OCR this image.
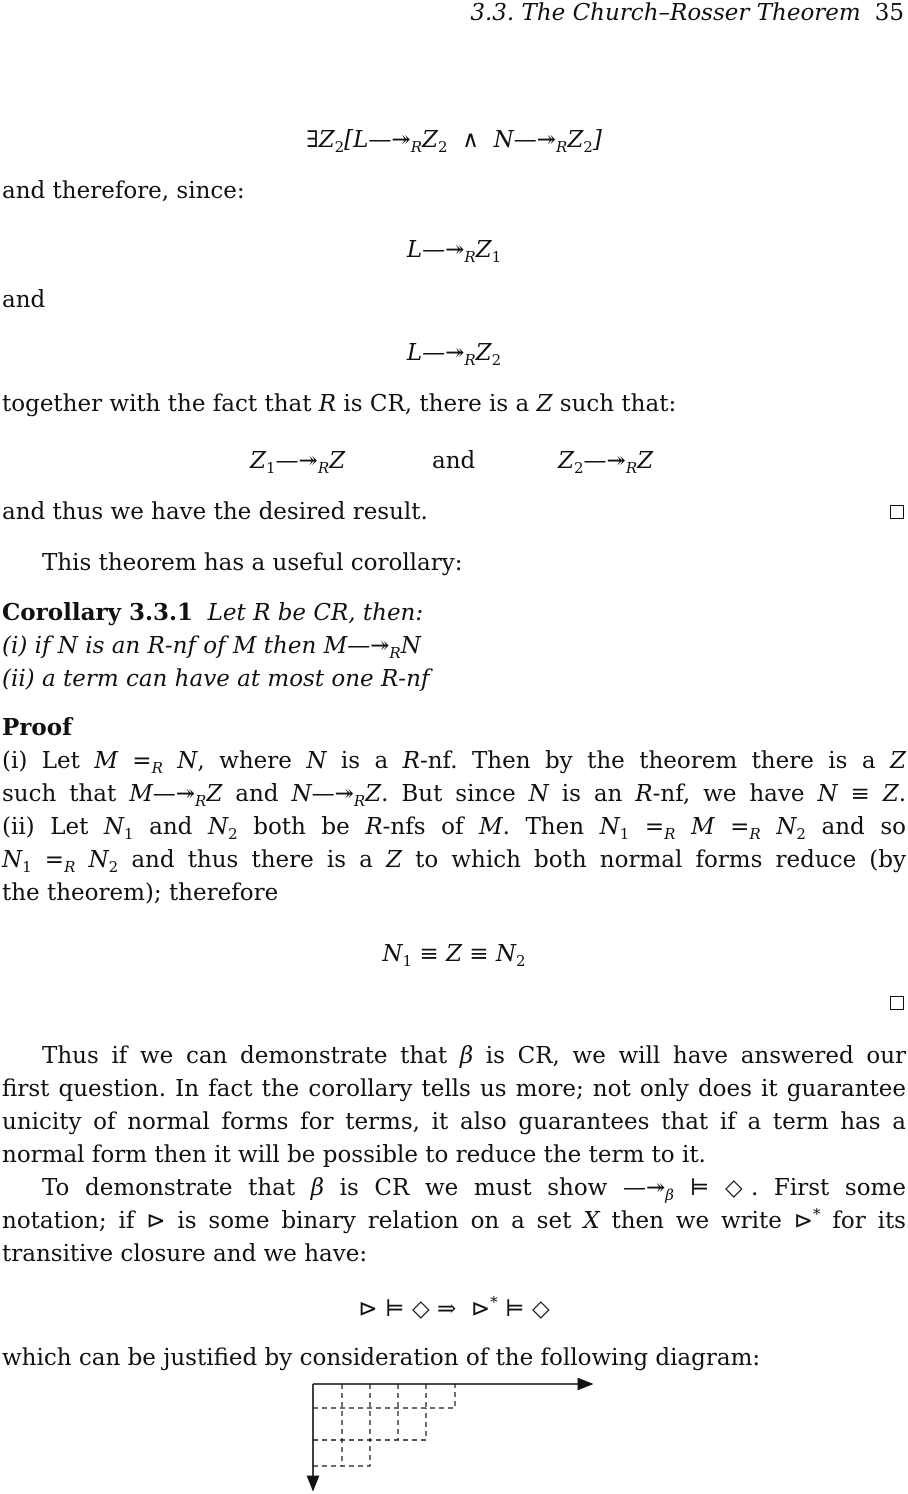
3.3. The Church–Rosser Theorem 35
$\exists Z_2[L—↠_RZ_2$  ∧  $N—↠_RZ_2$]
and therefore, since:
$L—↠_RZ_1$
and
$L—↠_RZ_2$
together with the fact that R is CR, there is a Z such that:
$Z_1—↠_RZ$	and	$Z_2—↠_RZ$
and thus we have the desired result.
This theorem has a useful corollary:
Corollary 3.3.1  Let R be CR, then:
(i) if N is an R-nf of M then $M—↠_RN$
(ii) a term can have at most one R-nf
Proof
(i) Let $M =_R$ N, where N is a R-nf. Then by the theorem there is a Z
such that $M—↠_RZ$ and $N—↠_RZ$. But since N is an R-nf, we have N ≡ Z.
(ii) Let $N_1$ and $N_2$ both be R-nfs of M. Then $N_1 =_R$ $M =_R$ $N_2$ and so
$N_1 =_R$ $N_2$ and thus there is a Z to which both normal forms reduce (by
the theorem); therefore
$N_1 \equiv Z \equiv N_2$
Thus if we can demonstrate that β is CR, we will have answered our
first question. In fact the corollary tells us more; not only does it guarantee
unicity of normal forms for terms, it also guarantees that if a term has a
normal form then it will be possible to reduce the term to it.
To demonstrate that β is CR we must show $—↠_\beta$ ⊨ ◇. First some
notation; if ⊳ is some binary relation on a set X then we write ⊳* for its
transitive closure and we have:
⊳ ⊨ ◇ ⇒  ⊳* ⊨ ◇
which can be justified by consideration of the following diagram:
